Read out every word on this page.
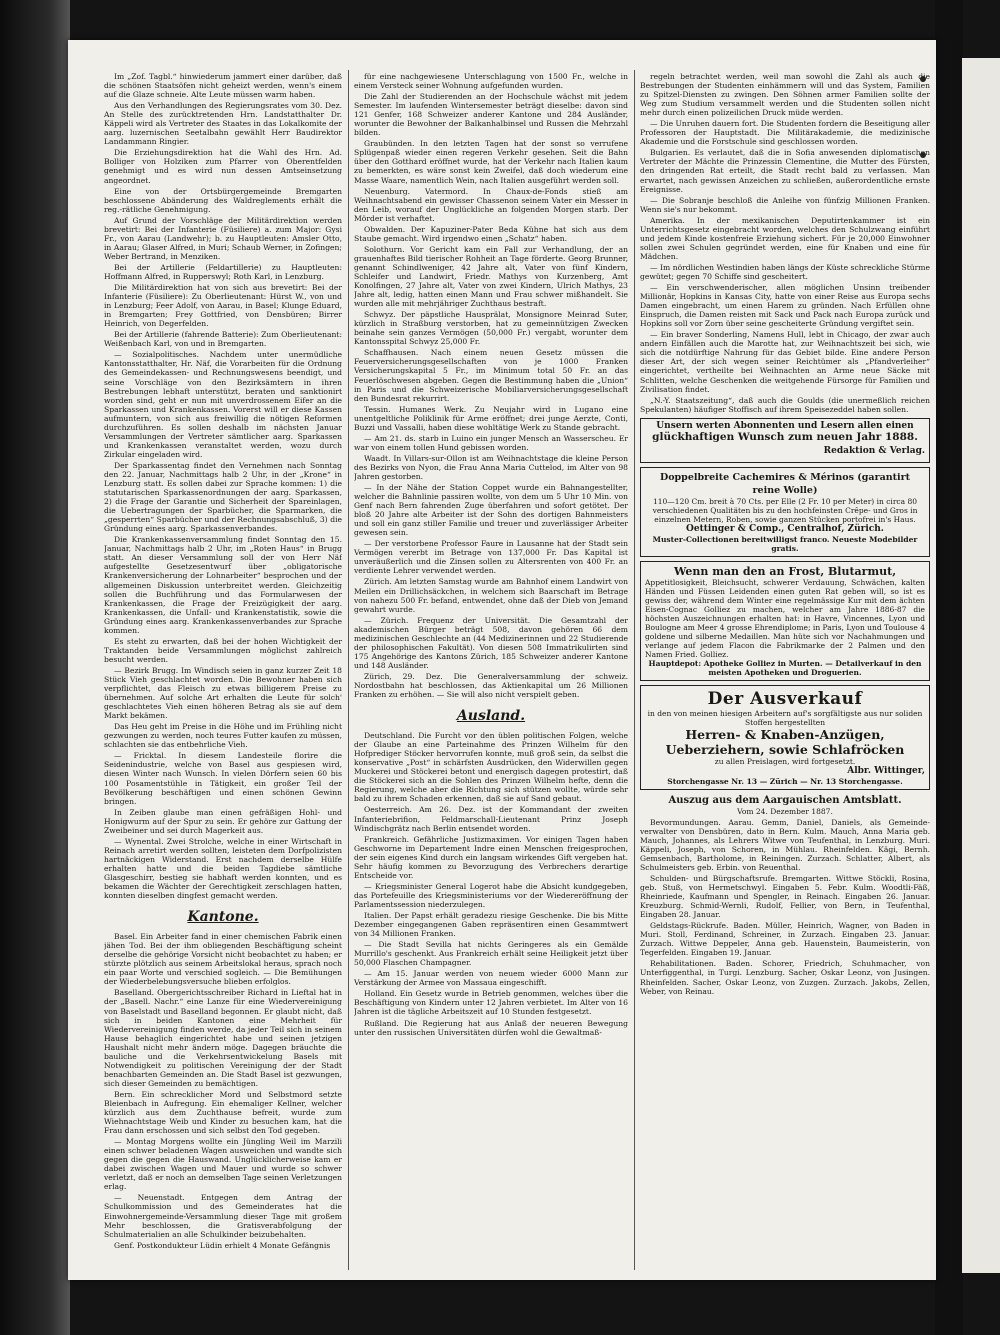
Im „Zof. Tagbl.“ hinwiederum jammert einer darüber, daß die schönen Staatsöfen nicht geheizt werden, wenn's einem auf die Glaze schneie. Alte Leute müssen warm haben.

Aus den Verhandlungen des Regierungsrates vom 30. Dez. An Stelle des zurücktretenden Hrn. Landstatthalter Dr. Käppeli wird als Vertreter des Staates in das Lokalkomite der aarg. luzernischen Seetalbahn gewählt Herr Baudirektor Landammann Ringier.

Die Erziehungsdirektion hat die Wahl des Hrn. Ad. Bolliger von Holziken zum Pfarrer von Oberentfelden genehmigt und es wird nun dessen Amtseinsetzung angeordnet.

Eine von der Ortsbürgergemeinde Bremgarten beschlossene Abänderung des Waldreglements erhält die reg.-rätliche Genehmigung.

Auf Grund der Vorschläge der Militärdirektion werden brevetirt: Bei der Infanterie (Füsiliere) a. zum Major: Gysi Fr., von Aarau (Landwehr); b. zu Hauptleuten: Amsler Otto, in Aarau; Glaser Alfred, in Muri; Schaub Werner, in Zofingen; Weber Bertrand, in Menziken.

Bei der Artillerie (Feldartillerie) zu Hauptleuten: Hoffmann Alfred, in Rupperswyl; Roth Karl, in Lenzburg.

Die Militärdirektion hat von sich aus brevetirt: Bei der Infanterie (Füsiliere): Zu Oberlieutenant: Hürst W., von und in Lenzburg; Feer Adolf, von Aarau, in Basel; Klunge Eduard, in Bremgarten; Frey Gottfried, von Densbüren; Birrer Heinrich, von Degerfelden.

Bei der Artillerie (fahrende Batterie): Zum Oberlieutenant: Weißenbach Karl, von und in Bremgarten.

— Sozialpolitisches. Nachdem unter unermüdliche Kantonsstatthalter, Hr. Näf, die Vorarbeiten für die Ordnung des Gemeindekassen- und Rechnungswesens beendigt, und seine Vorschläge von den Bezirksämtern in ihren Bestrebungen lebhaft unterstützt, beraten und sanktionirt worden sind, geht er nun mit unverdrossenem Eifer an die Sparkassen und Krankenkassen. Vorerst will er diese Kassen aufmuntern, von sich aus freiwillig die nötigen Reformen durchzuführen. Es sollen deshalb im nächsten Januar Versammlungen der Vertreter sämtlicher aarg. Sparkassen und Krankenkassen veranstaltet werden, wozu durch Zirkular eingeladen wird.

Der Sparkassentag findet den Vernehmen nach Sonntag den 22. Januar, Nachmittags halb 2 Uhr, in der „Krone“ in Lenzburg statt. Es sollen dabei zur Sprache kommen: 1) die statutarischen Sparkassenordnungen der aarg. Sparkassen, 2) die Frage der Garantie und Sicherheit der Spareinlagen, die Uebertragungen der Sparbücher, die Sparmarken, die „gesperrten“ Sparbücher und der Rechnungsabschluß, 3) die Gründung eines aarg. Sparkassenverbandes.

Die Krankenkassenversammlung findet Sonntag den 15. Januar, Nachmittags halb 2 Uhr, im „Roten Haus“ in Brugg statt. An dieser Versammlung soll der von Herr Näf aufgestellte Gesetzesentwurf über „obligatorische Krankenversicherung der Lohnarbeiter“ besprochen und der allgemeinen Diskussion unterbreitet werden. Gleichzeitig sollen die Buchführung und das Formularwesen der Krankenkassen, die Frage der Freizügigkeit der aarg. Krankenkassen, die Unfall- und Krankenstatistik, sowie die Gründung eines aarg. Krankenkassenverbandes zur Sprache kommen.

Es steht zu erwarten, daß bei der hohen Wichtigkeit der Traktanden beide Versammlungen möglichst zahlreich besucht werden.

— Bezirk Brugg. Im Windisch seien in ganz kurzer Zeit 18 Stück Vieh geschlachtet worden. Die Bewohner haben sich verpflichtet, das Fleisch zu etwas billigerem Preise zu übernehmen. Auf solche Art erhalten die Leute für solch' geschlachtetes Vieh einen höheren Betrag als sie auf dem Markt bekämen.

Das Heu geht im Preise in die Höhe und im Frühling nicht gezwungen zu werden, noch teures Futter kaufen zu müssen, schlachten sie das entbehrliche Vieh.

— Fricktal. In diesem Landesteile florire die Seidenindustrie, welche von Basel aus gespiesen wird, diesen Winter nach Wunsch. In vielen Dörfern seien 60 bis 100 Posamentstühle in Tätigkeit, ein großer Teil der Bevölkerung beschäftigen und einen schönen Gewinn bringen.

In Zeiben glaube man einen gefräßigen Hohl- und Honigwurm auf der Spur zu sein. Er gehöre zur Gattung der Zweibeiner und sei durch Magerkeit aus.

— Wynental. Zwei Strolche, welche in einer Wirtschaft in Reinach arretirt werden sollten, leisteten dem Dorfpolizisten hartnäckigen Widerstand. Erst nachdem derselbe Hülfe erhalten hatte und die beiden Tagdiebe sämtliche Glasgeschirr, bestieg sie habhaft werden konnten, und es bekamen die Wächter der Gerechtigkeit zerschlagen hatten, konnten dieselben dingfest gemacht werden.

Kantone.

Basel. Ein Arbeiter fand in einer chemischen Fabrik einen jähen Tod. Bei der ihm obliegenden Beschäftigung scheint derselbe die gehörige Vorsicht nicht beobachtet zu haben; er stürzte plötzlich aus seinem Arbeitslokal heraus, sprach noch ein paar Worte und verschied sogleich. — Die Bemühungen der Wiederbelebungsversuche blieben erfolglos.

Baselland. Obergerichtsschreiber Richard in Lieftal hat in der „Basell. Nachr.“ eine Lanze für eine Wiedervereinigung von Baselstadt und Baselland begonnen. Er glaubt nicht, daß sich in beiden Kantonen eine Mehrheit für Wiedervereinigung finden werde, da jeder Teil sich in seinem Hause behaglich eingerichtet habe und seinen jetzigen Haushalt nicht mehr ändern möge. Dagegen bräuchte die bauliche und die Verkehrsentwickelung Basels mit Notwendigkeit zu politischen Vereinigung der der Stadt benachbarten Gemeinden an. Die Stadt Basel ist gezwungen, sich dieser Gemeinden zu bemächtigen.

Bern. Ein schrecklicher Mord und Selbstmord setzte Bleienbach in Aufregung. Ein ehemaliger Kellner, welcher kürzlich aus dem Zuchthause befreit, wurde zum Wiehnachtstage Weib und Kinder zu besuchen kam, hat die Frau dann erschossen und sich selbst den Tod gegeben.

— Montag Morgens wollte ein Jüngling Weil im Marzili einen schwer beladenen Wagen ausweichen und wandte sich gegen die gegen die Hauswand. Unglücklicherweise kam er dabei zwischen Wagen und Mauer und wurde so schwer verletzt, daß er noch an demselben Tage seinen Verletzungen erlag.

— Neuenstadt. Entgegen dem Antrag der Schulkommission und des Gemeinderates hat die Einwohnergemeinde-Versammlung dieser Tage mit großem Mehr beschlossen, die Gratisverabfolgung der Schulmaterialien an alle Schulkinder beizubehalten.

Genf. Postkondukteur Lüdin erhielt 4 Monate Gefängnis

für eine nachgewiesene Unterschlagung von 1500 Fr., welche in einem Versteck seiner Wohnung aufgefunden wurden.

Die Zahl der Studierenden an der Hochschule wächst mit jedem Semester. Im laufenden Wintersemester beträgt dieselbe: davon sind 121 Genfer, 168 Schweizer anderer Kantone und 284 Ausländer, worunter die Bewohner der Balkanhalbinsel und Russen die Mehrzahl bilden.

Graubünden. In den letzten Tagen hat der sonst so verrufene Splügenpaß wieder einen regeren Verkehr gesehen. Seit die Bahn über den Gotthard eröffnet wurde, hat der Verkehr nach Italien kaum zu bemerkten, es wäre sonst kein Zweifel, daß doch wiederum eine Masse Waare, namentlich Wein, nach Italien ausgeführt werden soll.

Neuenburg. Vatermord. In Chaux-de-Fonds stieß am Weihnachtsabend ein gewisser Chassenon seinem Vater ein Messer in den Leib, worauf der Unglückliche an folgenden Morgen starb. Der Mörder ist verhaftet.

Obwalden. Der Kapuziner-Pater Beda Kühne hat sich aus dem Staube gemacht. Wird irgendwo einen „Schatz“ haben.

Solothurn. Vor Gericht kam ein Fall zur Verhandlung, der an grauenhaftes Bild tierischer Rohheit an Tage förderte. Georg Brunner, genannt Schindlweniger, 42 Jahre alt, Vater von fünf Kindern, Schleifer und Landwirt, Friedr. Mathys von Kurzenberg, Amt Konolfingen, 27 Jahre alt, Vater von zwei Kindern, Ulrich Mathys, 23 Jahre alt, ledig, hatten einen Mann und Frau schwer mißhandelt. Sie wurden alle mit mehrjähriger Zuchthaus bestraft.

Schwyz. Der päpstliche Hausprälat, Monsignore Meinrad Suter, kürzlich in Straßburg verstorben, hat zu gemeinnützigen Zwecken beinahe sein ganzes Vermögen (50,000 Fr.) vergabt, worunter dem Kantonsspital Schwyz 25,000 Fr.

Schaffhausen. Nach einem neuen Gesetz müssen die Feuerversicherungsgesellschaften von je 1000 Franken Versicherungskapital 5 Fr., im Minimum total 50 Fr. an das Feuerlöschwesen abgeben. Gegen die Bestimmung haben die „Union“ in Paris und die Schweizerische Mobiliarversicherungsgesellschaft den Bundesrat rekurrirt.

Tessin. Humanes Werk. Zu Neujahr wird in Lugano eine unentgeltliche Poliklinik für Arme eröffnet; drei junge Aerzte, Conti, Buzzi und Vassalli, haben diese wohltätige Werk zu Stande gebracht.

— Am 21. ds. starb in Luino ein junger Mensch an Wasserscheu. Er war von einem tollen Hund gebissen worden.

Waadt. In Villars-sur-Ollon ist am Weihnachtstage die kleine Person des Bezirks von Nyon, die Frau Anna Maria Cuttelod, im Alter von 98 Jahren gestorben.

— In der Nähe der Station Coppet wurde ein Bahnangestellter, welcher die Bahnlinie passiren wollte, von dem um 5 Uhr 10 Min. von Genf nach Bern fahrenden Zuge überfahren und sofort getötet. Der bloß 20 Jahre alte Arbeiter ist der Sohn des dortigen Bahnmeisters und soll ein ganz stiller Familie und treuer und zuverlässiger Arbeiter gewesen sein.

— Der verstorbene Professor Faure in Lausanne hat der Stadt sein Vermögen vererbt im Betrage von 137,000 Fr. Das Kapital ist unveräußerlich und die Zinsen sollen zu Altersrenten von 400 Fr. an verdiente Lehrer verwendet werden.

Zürich. Am letzten Samstag wurde am Bahnhof einem Landwirt von Meilen ein Drillichsäckchen, in welchem sich Baarschaft im Betrage von nahezu 500 Fr. befand, entwendet, ohne daß der Dieb von Jemand gewahrt wurde.

— Zürich. Frequenz der Universität. Die Gesamtzahl der akademischen Bürger beträgt 508, davon gehören 66 dem medizinischen Geschlechte an (44 Medizinerinnen und 22 Studierende der philosophischen Fakultät). Von diesen 508 Immatrikulirten sind 175 Angehörige des Kantons Zürich, 185 Schweizer anderer Kantone und 148 Ausländer.

Zürich, 29. Dez. Die Generalversammlung der schweiz. Nordostbahn hat beschlossen, das Aktienkapital um 26 Millionen Franken zu erhöhen. — Sie will also nicht verspielt geben.

Ausland.

Deutschland. Die Furcht vor den üblen politischen Folgen, welche der Glaube an eine Parteinahme des Prinzen Wilhelm für den Hofprediger Stöcker hervorrufen konnte, muß groß sein, da selbst die konservative „Post“ in schärfsten Ausdrücken, den Widerwillen gegen Muckerei und Stöckerei betont und energisch dagegen protestirt, daß die Stöckerei sich an die Sohlen des Prinzen Wilhelm hefte, denn die Regierung, welche aber die Richtung sich stützen wollte, würde sehr bald zu ihrem Schaden erkennen, daß sie auf Sand gebaut.

Oesterreich. Am 26. Dez. ist der Kommandant der zweiten Infanteriebrifion, Feldmarschall-Lieutenant Prinz Joseph Windischgrätz nach Berlin entsendet worden.

Frankreich. Gefährliche Justizmaximen. Vor einigen Tagen haben Geschworne im Departement Indre einen Menschen freigesprochen, der sein eigenes Kind durch ein langsam wirkendes Gift vergeben hat. Sehr häufig kommen zu Bevorzugung des Verbrechers derartige Entscheide vor.

— Kriegsminister General Logerot habe die Absicht kundgegeben, das Portefeuille des Kriegsministeriums vor der Wiedereröffnung der Parlamentssession niederzulegen.

Italien. Der Papst erhält geradezu riesige Geschenke. Die bis Mitte Dezember eingegangenen Gaben repräsentiren einen Gesammtwert von 34 Millionen Franken.

— Die Stadt Sevilla hat nichts Geringeres als ein Gemälde Murrillo's geschenkt. Aus Frankreich erhält seine Heiligkeit jetzt über 50,000 Flaschen Champagner.

— Am 15. Januar werden von neuem wieder 6000 Mann zur Verstärkung der Armee von Massaua eingeschifft.

Holland. Ein Gesetz wurde in Betrieb genommen, welches über die Beschäftigung von Kindern unter 12 Jahren verbietet. Im Alter von 16 Jahren ist die tägliche Arbeitszeit auf 10 Stunden festgesetzt.

Rußland. Die Regierung hat aus Anlaß der neueren Bewegung unter den russischen Universitäten dürfen wohl die Gewaltmaß-

regeln betrachtet werden, weil man sowohl die Zahl als auch die Bestrebungen der Studenten einhämmern will und das System, Familien zu Spitzel-Diensten zu zwingen. Den Söhnen armer Familien sollte der Weg zum Studium versammelt werden und die Studenten sollen nicht mehr durch einen polizeilichen Druck müde werden.

— Die Unruhen dauern fort. Die Studenten fordern die Beseitigung aller Professoren der Hauptstadt. Die Militärakademie, die medizinische Akademie und die Forstschule sind geschlossen worden.

Bulgarien. Es verlautet, daß die in Sofia anwesenden diplomatischen Vertreter der Mächte die Prinzessin Clementine, die Mutter des Fürsten, den dringenden Rat erteilt, die Stadt recht bald zu verlassen. Man erwartet, nach gewissen Anzeichen zu schließen, außerordentliche ernste Ereignisse.

— Die Sobranje beschloß die Anleihe von fünfzig Millionen Franken. Wenn sie's nur bekommt.

Amerika. In der mexikanischen Deputirtenkammer ist ein Unterrichtsgesetz eingebracht worden, welches den Schulzwang einführt und jedem Kinde kostenfreie Erziehung sichert. Für je 20,000 Einwohner sollen zwei Schulen gegründet werden, eine für Knaben und eine für Mädchen.

— Im nördlichen Westindien haben längs der Küste schreckliche Stürme gewütet; gegen 70 Schiffe sind gescheitert.

— Ein verschwenderischer, allen möglichen Unsinn treibender Millionär, Hopkins in Kansas City, hatte von einer Reise aus Europa sechs Damen eingebracht, um einen Harem zu gründen. Nach Erfüllen ohne Einspruch, die Damen reisten mit Sack und Pack nach Europa zurück und Hopkins soll vor Zorn über seine gescheiterte Gründung vergiftet sein.

— Ein braver Sonderling, Namens Hull, lebt in Chicago, der zwar auch andern Einfällen auch die Marotte hat, zur Weihnachtszeit bei sich, wie sich die notdürftige Nahrung für das Gebiet bilde. Eine andere Person dieser Art, der sich wegen seiner Reichtümer als „Pfandverleiher“ eingerichtet, vertheilte bei Weihnachten an Arme neue Säcke mit Schlitten, welche Geschenken die weitgehende Fürsorge für Familien und Zivilisation findet.

„N.-Y. Staatszeitung“, daß auch die Goulds (die unermeßlich reichen Spekulanten) häufiger Stoffisch auf ihrem Speisezeddel haben sollen.

Unsern werten Abonnenten und Lesern allen einen
glückhaftigen Wunsch zum neuen Jahr 1888.
Redaktion & Verlag.
Doppelbreite Cachemires & Mérinos (garantirt reine Wolle)
110—120 Cm. breit à 70 Cts. per Elle (2 Fr. 10 per Meter) in circa 80 verschiedenen Qualitäten bis zu den hochfeinsten Crêpe- und Gros in einzelnen Metern, Roben, sowie ganzen Stücken portofrei in's Haus.
Oettinger & Comp., Centralhof, Zürich.
Muster-Collectionen bereitwilligst franco. Neueste Modebilder gratis.
Wenn man den an Frost, Blutarmut,
Appetitlosigkeit, Bleichsucht, schwerer Verdauung, Schwächen, kalten Händen und Füssen Leidenden einen guten Rat geben will, so ist es gewiss der, während dem Winter eine regelmässige Kur mit dem ächten Eisen-Cognac Golliez zu machen, welcher am Jahre 1886-87 die höchsten Auszeichnungen erhalten hat: in Havre, Vincennes, Lyon und Boulogne am Meer 4 grosse Ehrendiplome; in Paris, Lyon und Toulouse 4 goldene und silberne Medaillen. Man hüte sich vor Nachahmungen und verlange auf jedem Flacon die Fabrikmarke der 2 Palmen und den Namen Fried. Golliez.
Hauptdepot: Apotheke Golliez in Murten. — Detailverkauf in den meisten Apotheken und Droguerien.
Der Ausverkauf
in den von meinen hiesigen Arbeitern auf's sorgfältigste aus nur soliden Stoffen hergestellten
Herren- & Knaben-Anzügen, Ueberziehern, sowie Schlafröcken
zu allen Preislagen, wird fortgesetzt.
Albr. Wittinger,
Storchengasse Nr. 13 — Zürich — Nr. 13 Storchengasse.
Auszug aus dem Aargauischen Amtsblatt.
Vom 24. Dezember 1887.

Bevormundungen. Aarau. Gemm, Daniel, Daniels, als Gemeinde-verwalter von Densbüren, dato in Bern. Kulm. Mauch, Anna Maria geb. Mauch, Johannes, als Lehrers Witwe von Teufenthal, in Lenzburg. Muri. Käppeli, Joseph, von Schoren, in Mühlau. Rheinfelden. Kägi, Bernh. Gemsenbach, Bartholome, in Reiningen. Zurzach. Schlatter, Albert, als Schulmeisters geb. Erbin. von Reuenthal.

Schulden- und Bürgschaftsrufe. Bremgarten. Wittwe Stöckli, Rosina, geb. Stuß, von Hermetschwyl. Eingaben 5. Febr. Kulm. Woodtli-Fäß, Rheinriede, Kaufmann und Spengler, in Reinach. Eingaben 26. Januar. Kreuzburg. Schmid-Wernli, Rudolf, Fellier, von Bern, in Teufenthal, Eingaben 28. Januar.

Geldstags-Rückrufe. Baden. Müller, Heinrich, Wagner, von Baden in Muri. Stoll, Ferdinand, Schreiner, in Zurzach. Eingaben 23. Januar. Zurzach. Wittwe Deppeler, Anna geb. Hauenstein, Baumeisterin, von Tegerfelden. Eingaben 19. Januar.

Rehabilitationen. Baden. Schorer, Friedrich, Schuhmacher, von Unterfiggenthal, in Turgi. Lenzburg. Sacher, Oskar Leonz, von Jusingen. Rheinfelden. Sacher, Oskar Leonz, von Zuzgen. Zurzach. Jakobs, Zellen, Weber, von Reinau.
